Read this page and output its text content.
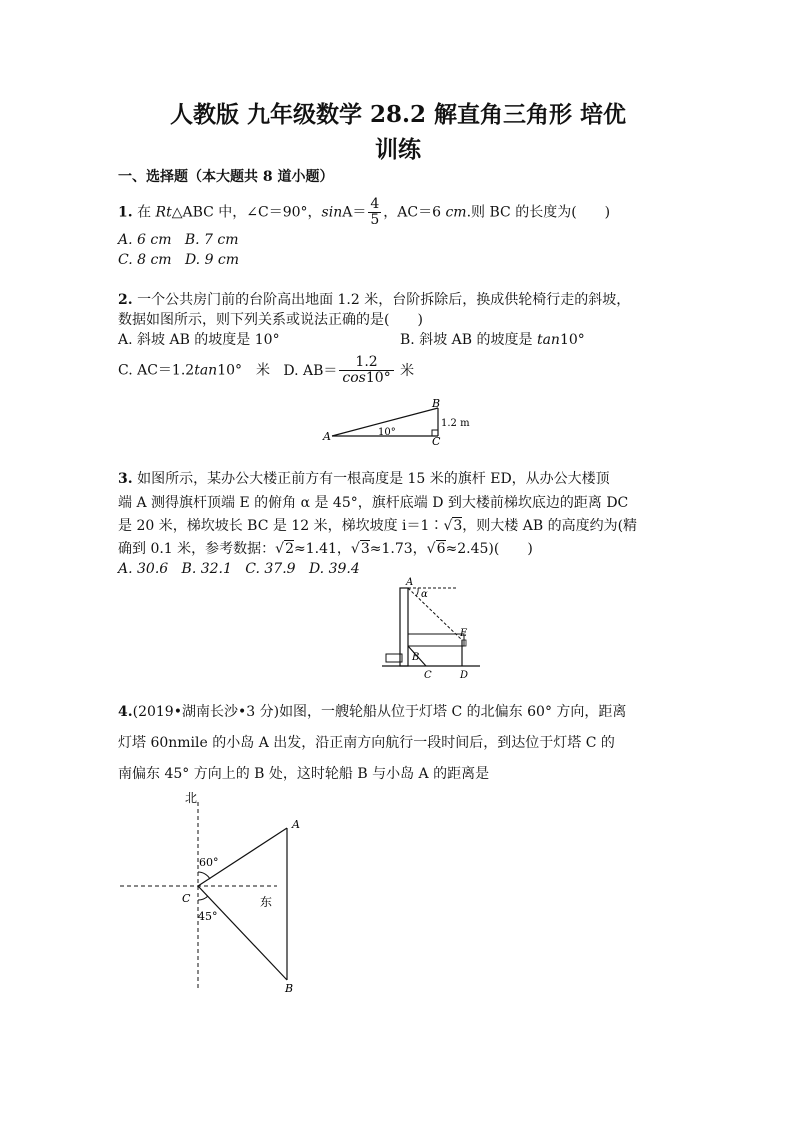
人教版 九年级数学 28.2 解直角三角形 培优
训练
一、选择题（本大题共 8 道小题）
1. 在 Rt△ABC 中，∠C＝90°，$\sin A= \frac{4}{5}$ ，AC＝6 cm.则 BC 的长度为(　　)
A. 6 cm B. 7 cm
C. 8 cm D. 9 cm
2. 一个公共房门前的台阶高出地面 1.2 米，台阶拆除后，换成供轮椅行走的斜坡，
数据如图所示，则下列关系或说法正确的是(　　)
A. 斜坡 AB 的坡度是 10°	B. 斜坡 AB 的坡度是 tan10°
C. AC＝1.2tan10°　米 D. $AB= \frac{1.2}{\cos 10^\circ}$ 米
A
B
C
10°
1.2 m
3. 如图所示，某办公大楼正前方有一根高度是 15 米的旗杆 ED，从办公大楼顶
端 A 测得旗杆顶端 E 的俯角 α 是 45°，旗杆底端 D 到大楼前梯坎底边的距离 DC
是 20 米，梯坎坡长 BC 是 12 米，梯坎坡度 i＝1∶√3，则大楼 AB 的高度约为(精
确到 0.1 米，参考数据：√2≈1.41，√3≈1.73，√6≈2.45)(　　)
A. 30.6 B. 32.1 C. 37.9 D. 39.4
A
α
E
B
C	D
4.(2019•湖南长沙•3 分)如图，一艘轮船从位于灯塔 C 的北偏东 60° 方向，距离
灯塔 60nmile 的小岛 A 出发，沿正南方向航行一段时间后，到达位于灯塔 C 的
南偏东 45° 方向上的 B 处，这时轮船 B 与小岛 A 的距离是
北
东
A
B
C
60°
45°
